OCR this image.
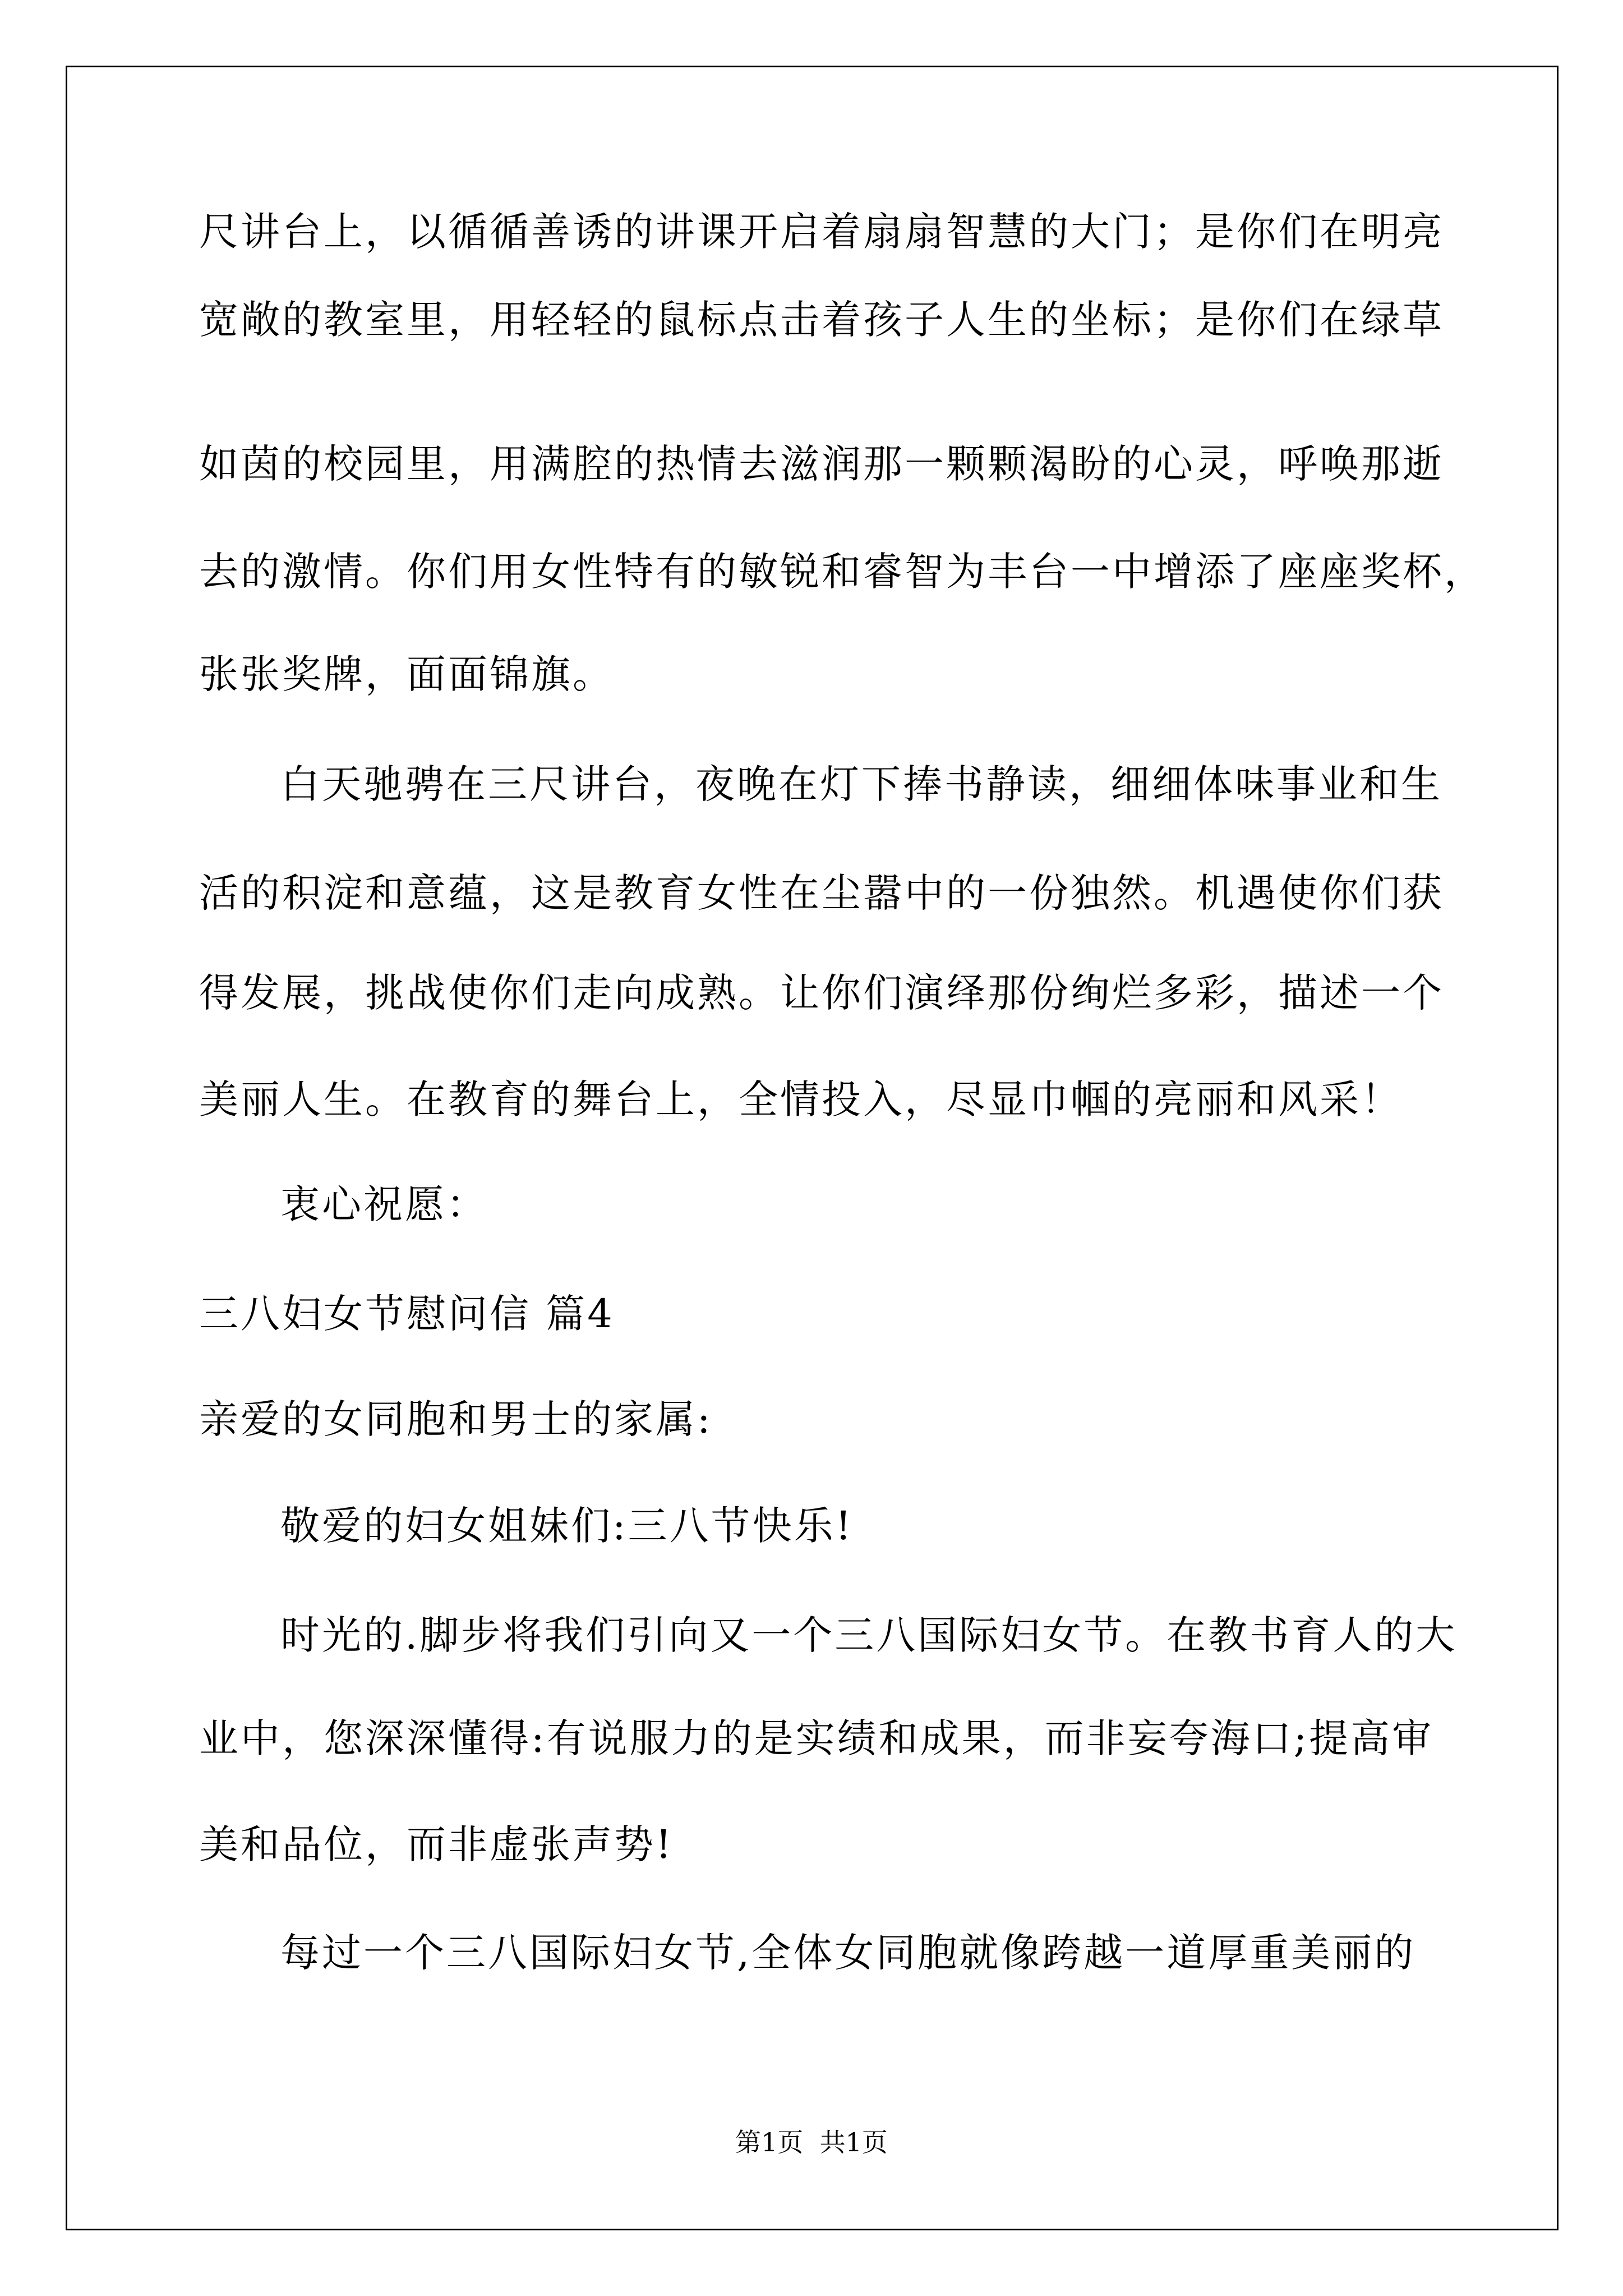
尺讲台上，以循循善诱的讲课开启着扇扇智慧的大门；是你们在明亮
宽敞的教室里，用轻轻的鼠标点击着孩子人生的坐标；是你们在绿草
如茵的校园里，用满腔的热情去滋润那一颗颗渴盼的心灵，呼唤那逝
去的激情。你们用女性特有的敏锐和睿智为丰台一中增添了座座奖杯，
张张奖牌，面面锦旗。
白天驰骋在三尺讲台，夜晚在灯下捧书静读，细细体味事业和生
活的积淀和意蕴，这是教育女性在尘嚣中的一份独然。机遇使你们获
得发展，挑战使你们走向成熟。让你们演绎那份绚烂多彩，描述一个
美丽人生。在教育的舞台上，全情投入，尽显巾帼的亮丽和风采！
衷心祝愿：
三八妇女节慰问信 篇4
亲爱的女同胞和男士的家属:
敬爱的妇女姐妹们:三八节快乐!
时光的.脚步将我们引向又一个三八国际妇女节。在教书育人的大
业中，您深深懂得:有说服力的是实绩和成果，而非妄夸海口;提高审
美和品位，而非虚张声势!
每过一个三八国际妇女节,全体女同胞就像跨越一道厚重美丽的
第1页  共1页
